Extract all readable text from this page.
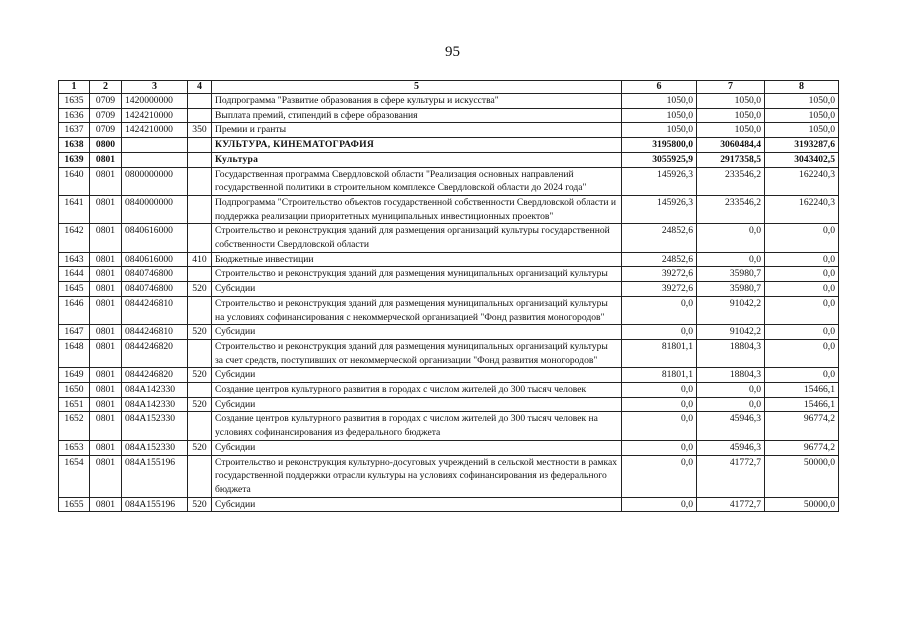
95
1	2	3	4	5	6	7	8
1635	0709	1420000000		Подпрограмма "Развитие образования в сфере культуры и искусства"	1050,0	1050,0	1050,0
1636	0709	1424210000		Выплата премий, стипендий в сфере образования	1050,0	1050,0	1050,0
1637	0709	1424210000	350	Премии и гранты	1050,0	1050,0	1050,0
1638	0800			КУЛЬТУРА, КИНЕМАТОГРАФИЯ	3195800,0	3060484,4	3193287,6
1639	0801			Культура	3055925,9	2917358,5	3043402,5
1640	0801	0800000000		Государственная программа Свердловской области "Реализация основных направлений государственной политики в строительном комплексе Свердловской области до 2024 года"	145926,3	233546,2	162240,3
1641	0801	0840000000		Подпрограмма "Строительство объектов государственной собственности Свердловской области и поддержка реализации приоритетных муниципальных инвестиционных проектов"	145926,3	233546,2	162240,3
1642	0801	0840616000		Строительство и реконструкция зданий для размещения организаций культуры государственной собственности Свердловской области	24852,6	0,0	0,0
1643	0801	0840616000	410	Бюджетные инвестиции	24852,6	0,0	0,0
1644	0801	0840746800		Строительство и реконструкция зданий для размещения муниципальных организаций культуры	39272,6	35980,7	0,0
1645	0801	0840746800	520	Субсидии	39272,6	35980,7	0,0
1646	0801	0844246810		Строительство и реконструкция зданий для размещения муниципальных организаций культуры на условиях софинансирования с некоммерческой организацией "Фонд развития моногородов"	0,0	91042,2	0,0
1647	0801	0844246810	520	Субсидии	0,0	91042,2	0,0
1648	0801	0844246820		Строительство и реконструкция зданий для размещения муниципальных организаций культуры за счет средств, поступивших от некоммерческой организации "Фонд развития моногородов"	81801,1	18804,3	0,0
1649	0801	0844246820	520	Субсидии	81801,1	18804,3	0,0
1650	0801	084A142330		Создание центров культурного развития в городах с числом жителей до 300 тысяч человек	0,0	0,0	15466,1
1651	0801	084A142330	520	Субсидии	0,0	0,0	15466,1
1652	0801	084A152330		Создание центров культурного развития в городах с числом жителей до 300 тысяч человек на условиях софинансирования из федерального бюджета	0,0	45946,3	96774,2
1653	0801	084A152330	520	Субсидии	0,0	45946,3	96774,2
1654	0801	084A155196		Строительство и реконструкция культурно-досуговых учреждений в сельской местности в рамках государственной поддержки отрасли культуры на условиях софинансирования из федерального бюджета	0,0	41772,7	50000,0
1655	0801	084A155196	520	Субсидии	0,0	41772,7	50000,0
